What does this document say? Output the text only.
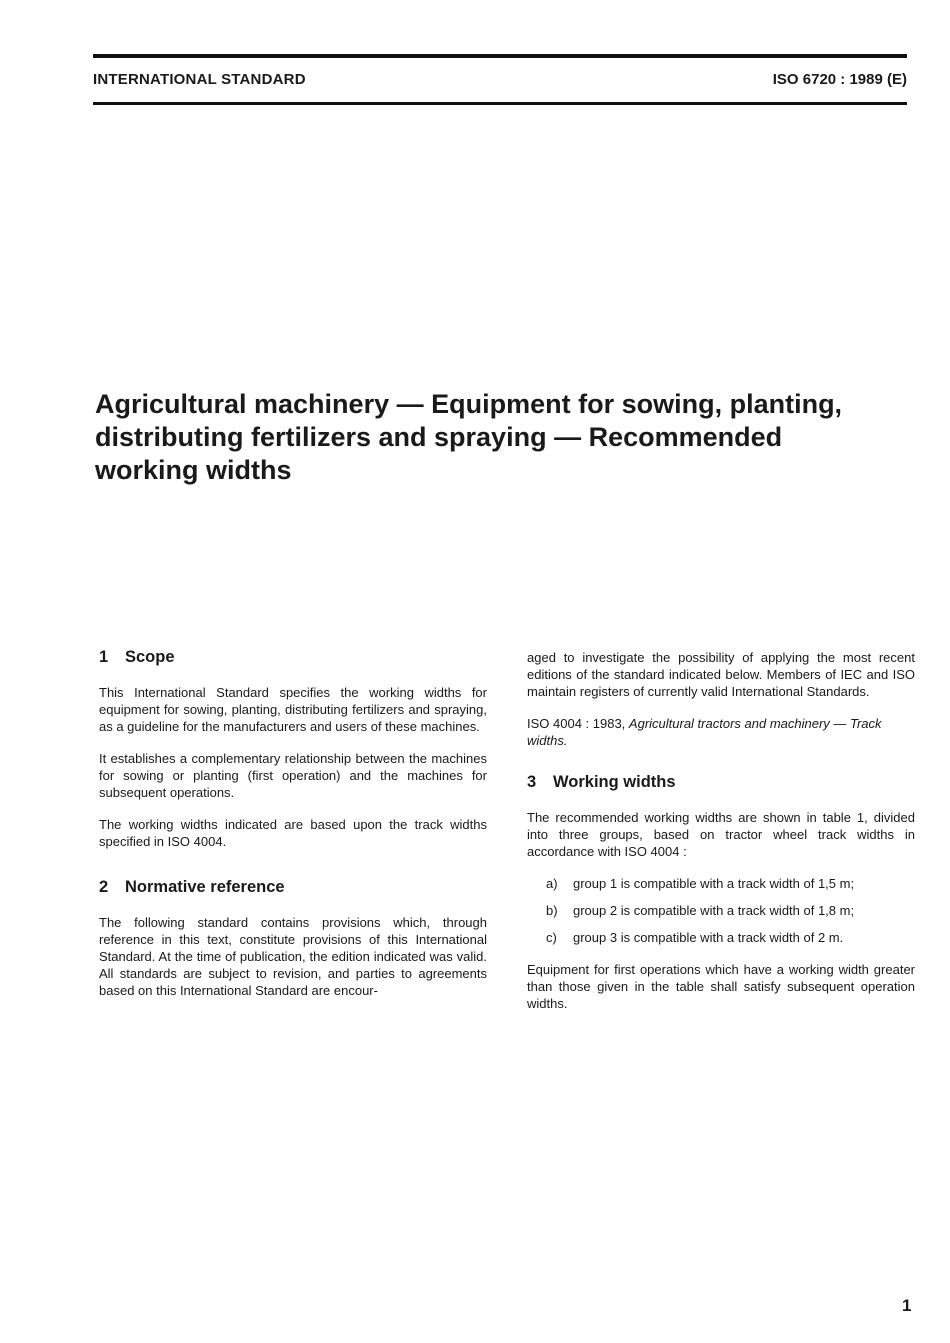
INTERNATIONAL STANDARD	ISO 6720 : 1989 (E)
Agricultural machinery — Equipment for sowing, planting,
distributing fertilizers and spraying — Recommended
working widths
1 Scope

This International Standard specifies the working widths for equipment for sowing, planting, distributing fertilizers and spraying, as a guideline for the manufacturers and users of these machines.

It establishes a complementary relationship between the machines for sowing or planting (first operation) and the machines for subsequent operations.

The working widths indicated are based upon the track widths specified in ISO 4004.

2 Normative reference

The following standard contains provisions which, through reference in this text, constitute provisions of this International Standard. At the time of publication, the edition indicated was valid. All standards are subject to revision, and parties to agreements based on this International Standard are encour-

aged to investigate the possibility of applying the most recent editions of the standard indicated below. Members of IEC and ISO maintain registers of currently valid International Standards.

ISO 4004 : 1983, Agricultural tractors and machinery — Track widths.

3 Working widths

The recommended working widths are shown in table 1, divided into three groups, based on tractor wheel track widths in accordance with ISO 4004 :

a) group 1 is compatible with a track width of 1,5 m;
b) group 2 is compatible with a track width of 1,8 m;
c) group 3 is compatible with a track width of 2 m.

Equipment for first operations which have a working width greater than those given in the table shall satisfy subsequent operation widths.

1
